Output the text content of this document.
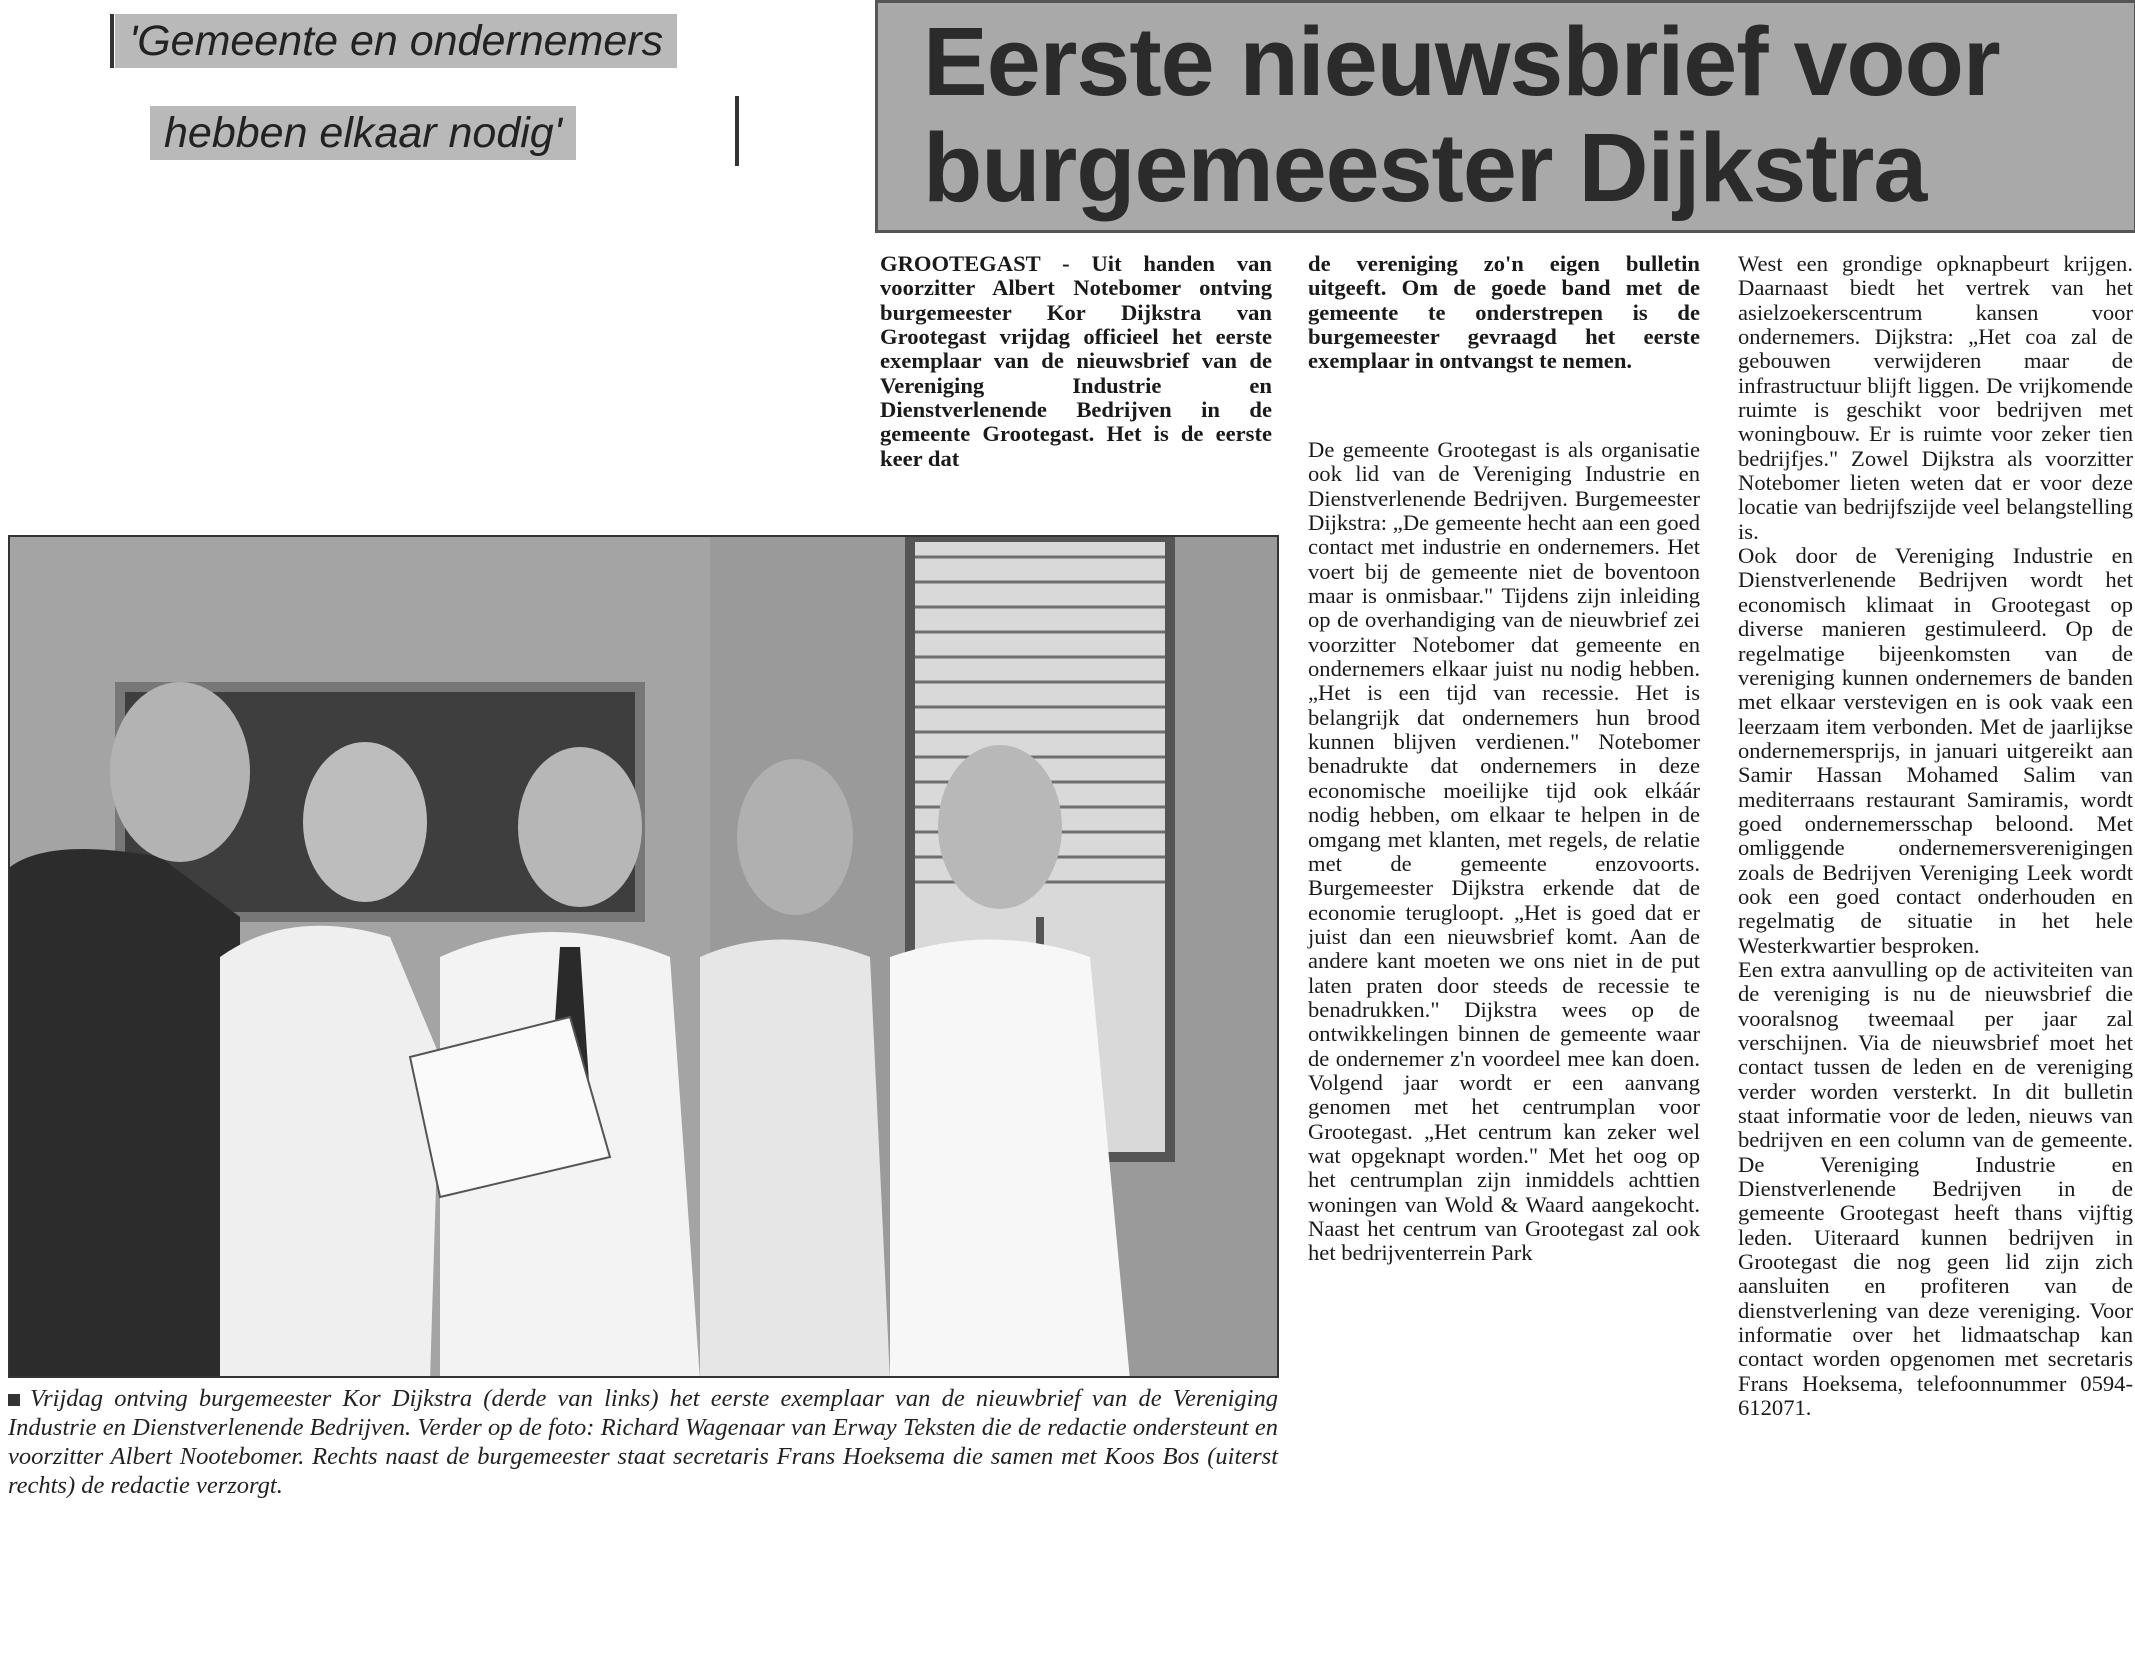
'Gemeente en ondernemers
hebben elkaar nodig'
Eerste nieuwsbrief voor
burgemeester Dijkstra

GROOTEGAST - Uit handen van voorzitter Albert Notebomer ontving burgemeester Kor Dijkstra van Grootegast vrijdag officieel het eerste exemplaar van de nieuwsbrief van de Vereniging Industrie en Dienstverlenende Bedrijven in de gemeente Grootegast. Het is de eerste keer dat

de vereniging zo'n eigen bulletin uitgeeft. Om de goede band met de gemeente te onderstrepen is de burgemeester gevraagd het eerste exemplaar in ontvangst te nemen.

De gemeente Grootegast is als organisatie ook lid van de Vereniging Industrie en Dienstverlenende Bedrijven. Burgemeester Dijkstra: „De gemeente hecht aan een goed contact met industrie en ondernemers. Het voert bij de gemeente niet de boventoon maar is onmisbaar." Tijdens zijn inleiding op de overhandiging van de nieuwbrief zei voorzitter Notebomer dat gemeente en ondernemers elkaar juist nu nodig hebben. „Het is een tijd van recessie. Het is belangrijk dat ondernemers hun brood kunnen blijven verdienen." Notebomer benadrukte dat ondernemers in deze economische moeilijke tijd ook elkáár nodig hebben, om elkaar te helpen in de omgang met klanten, met regels, de relatie met de gemeente enzovoorts. Burgemeester Dijkstra erkende dat de economie terugloopt. „Het is goed dat er juist dan een nieuwsbrief komt. Aan de andere kant moeten we ons niet in de put laten praten door steeds de recessie te benadrukken." Dijkstra wees op de ontwikkelingen binnen de gemeente waar de ondernemer z'n voordeel mee kan doen. Volgend jaar wordt er een aanvang genomen met het centrumplan voor Grootegast. „Het centrum kan zeker wel wat opgeknapt worden." Met het oog op het centrumplan zijn inmiddels achttien woningen van Wold & Waard aangekocht. Naast het centrum van Grootegast zal ook het bedrijventerrein Park

West een grondige opknapbeurt krijgen. Daarnaast biedt het vertrek van het asielzoekerscentrum kansen voor ondernemers. Dijkstra: „Het coa zal de gebouwen verwijderen maar de infrastructuur blijft liggen. De vrijkomende ruimte is geschikt voor bedrijven met woningbouw. Er is ruimte voor zeker tien bedrijfjes." Zowel Dijkstra als voorzitter Notebomer lieten weten dat er voor deze locatie van bedrijfszijde veel belangstelling is.

Ook door de Vereniging Industrie en Dienstverlenende Bedrijven wordt het economisch klimaat in Grootegast op diverse manieren gestimuleerd. Op de regelmatige bijeenkomsten van de vereniging kunnen ondernemers de banden met elkaar verstevigen en is ook vaak een leerzaam item verbonden. Met de jaarlijkse ondernemersprijs, in januari uitgereikt aan Samir Hassan Mohamed Salim van mediterraans restaurant Samiramis, wordt goed ondernemersschap beloond. Met omliggende ondernemersverenigingen zoals de Bedrijven Vereniging Leek wordt ook een goed contact onderhouden en regelmatig de situatie in het hele Westerkwartier besproken.

Een extra aanvulling op de activiteiten van de vereniging is nu de nieuwsbrief die vooralsnog tweemaal per jaar zal verschijnen. Via de nieuwsbrief moet het contact tussen de leden en de vereniging verder worden versterkt. In dit bulletin staat informatie voor de leden, nieuws van bedrijven en een column van de gemeente. De Vereniging Industrie en Dienstverlenende Bedrijven in de gemeente Grootegast heeft thans vijftig leden. Uiteraard kunnen bedrijven in Grootegast die nog geen lid zijn zich aansluiten en profiteren van de dienstverlening van deze vereniging. Voor informatie over het lidmaatschap kan contact worden opgenomen met secretaris Frans Hoeksema, telefoonnummer 0594-612071.

Vrijdag ontving burgemeester Kor Dijkstra (derde van links) het eerste exemplaar van de nieuwbrief van de Vereniging Industrie en Dienstverlenende Bedrijven. Verder op de foto: Richard Wagenaar van Erway Teksten die de redactie ondersteunt en voorzitter Albert Nootebomer. Rechts naast de burgemeester staat secretaris Frans Hoeksema die samen met Koos Bos (uiterst rechts) de redactie verzorgt.
